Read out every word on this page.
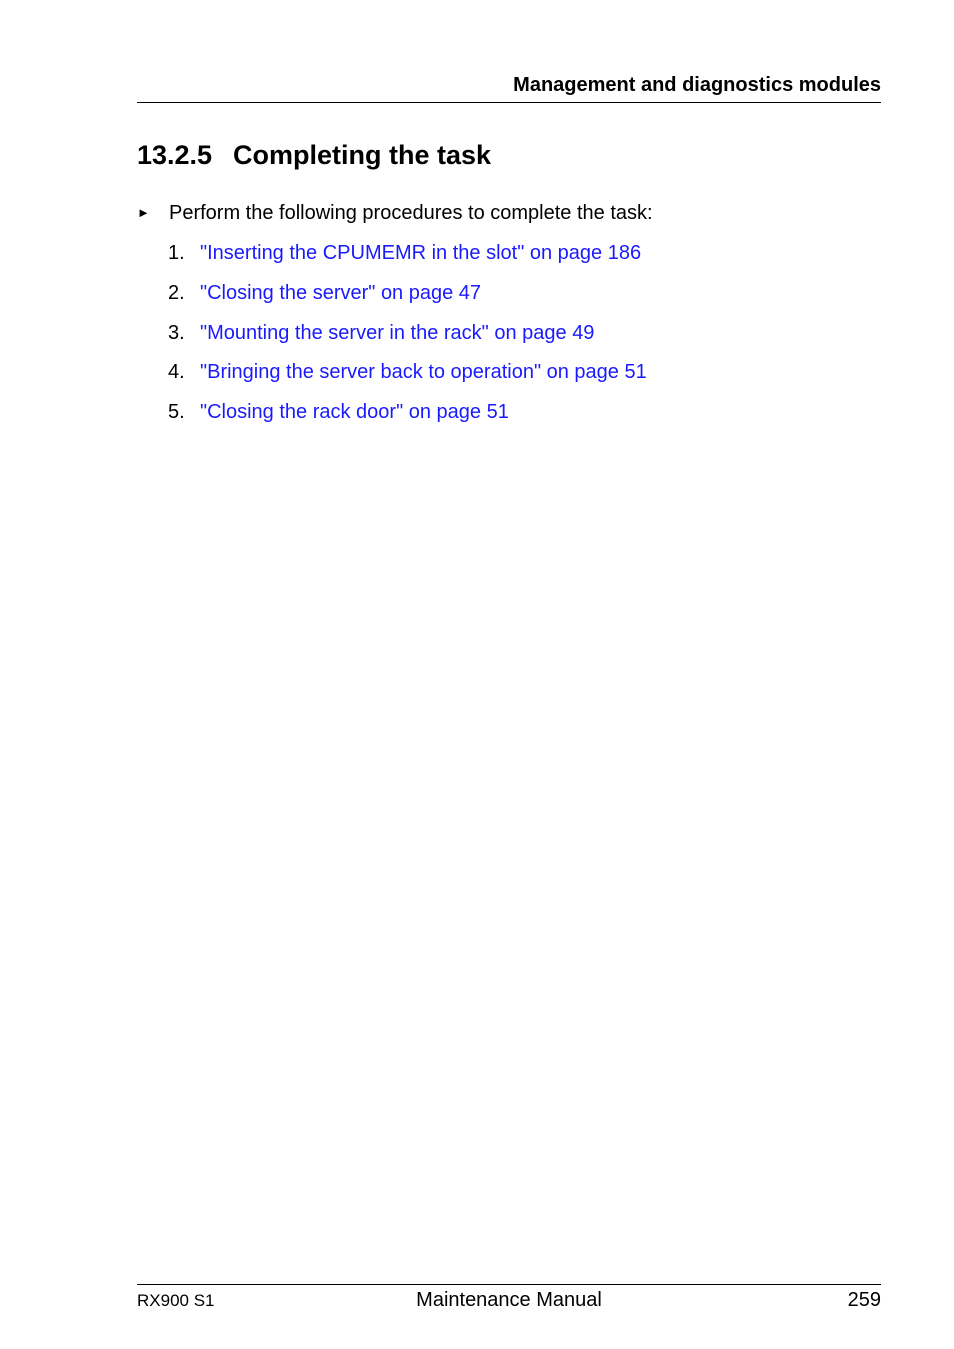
Management and diagnostics modules
13.2.5 Completing the task
► Perform the following procedures to complete the task:
1. "Inserting the CPUMEMR in the slot" on page 186
2. "Closing the server" on page 47
3. "Mounting the server in the rack" on page 49
4. "Bringing the server back to operation" on page 51
5. "Closing the rack door" on page 51
RX900 S1	Maintenance Manual	259
